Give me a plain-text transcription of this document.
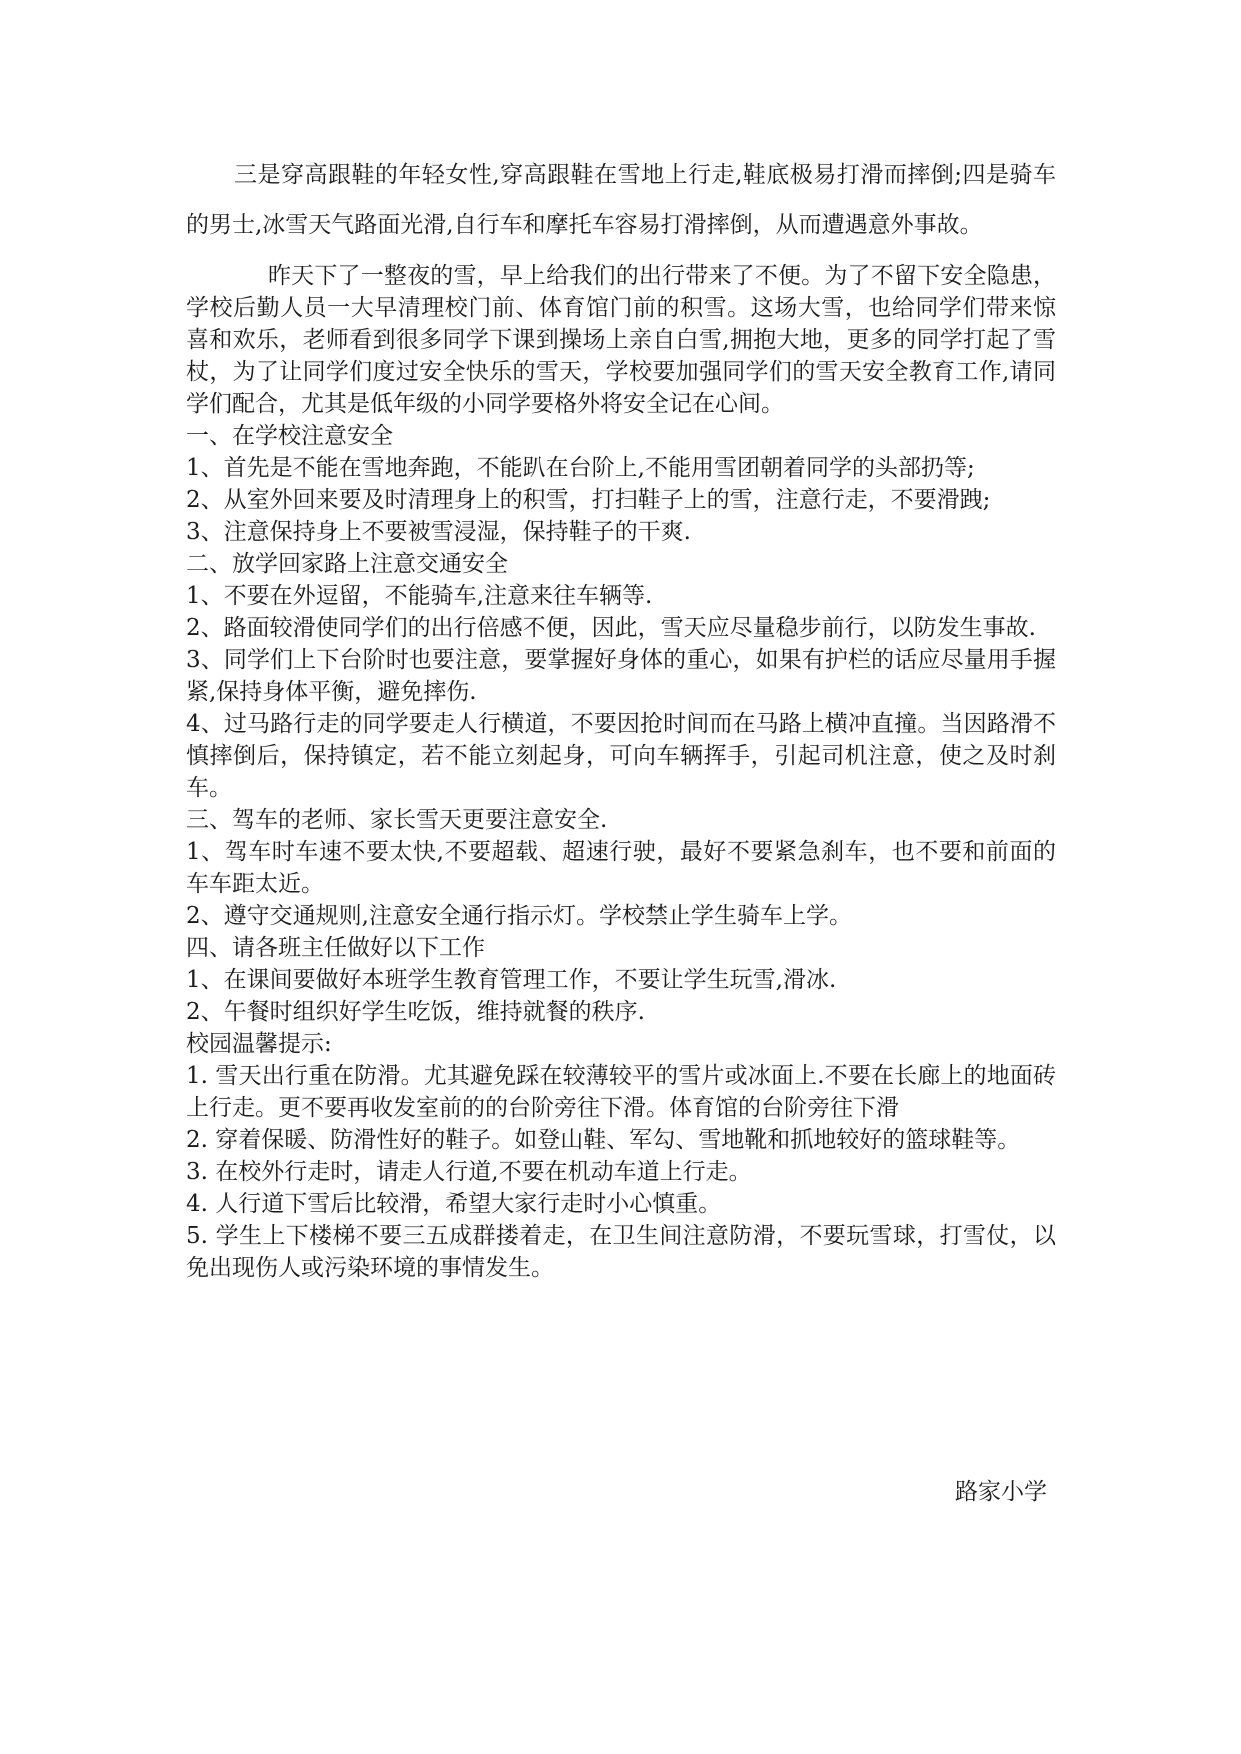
三是穿高跟鞋的年轻女性,穿高跟鞋在雪地上行走,鞋底极易打滑而摔倒;四是骑车的男士,冰雪天气路面光滑,自行车和摩托车容易打滑摔倒，从而遭遇意外事故。

昨天下了一整夜的雪，早上给我们的出行带来了不便。为了不留下安全隐患，学校后勤人员一大早清理校门前、体育馆门前的积雪。这场大雪，也给同学们带来惊喜和欢乐，老师看到很多同学下课到操场上亲自白雪,拥抱大地，更多的同学打起了雪杖，为了让同学们度过安全快乐的雪天，学校要加强同学们的雪天安全教育工作,请同学们配合，尤其是低年级的小同学要格外将安全记在心间。

一、在学校注意安全

1、首先是不能在雪地奔跑，不能趴在台阶上,不能用雪团朝着同学的头部扔等;

2、从室外回来要及时清理身上的积雪，打扫鞋子上的雪，注意行走，不要滑跩;

3、注意保持身上不要被雪浸湿，保持鞋子的干爽.

二、放学回家路上注意交通安全

1、不要在外逗留，不能骑车,注意来往车辆等.

2、路面较滑使同学们的出行倍感不便，因此，雪天应尽量稳步前行，以防发生事故.

3、同学们上下台阶时也要注意，要掌握好身体的重心，如果有护栏的话应尽量用手握紧,保持身体平衡，避免摔伤.

4、过马路行走的同学要走人行横道，不要因抢时间而在马路上横冲直撞。当因路滑不慎摔倒后，保持镇定，若不能立刻起身，可向车辆挥手，引起司机注意，使之及时刹车。

三、驾车的老师、家长雪天更要注意安全.

1、驾车时车速不要太快,不要超载、超速行驶，最好不要紧急刹车，也不要和前面的车车距太近。

2、遵守交通规则,注意安全通行指示灯。学校禁止学生骑车上学。

四、请各班主任做好以下工作

1、在课间要做好本班学生教育管理工作，不要让学生玩雪,滑冰.

2、午餐时组织好学生吃饭，维持就餐的秩序.

校园温馨提示:

1. 雪天出行重在防滑。尤其避免踩在较薄较平的雪片或冰面上.不要在长廊上的地面砖上行走。更不要再收发室前的的台阶旁往下滑。体育馆的台阶旁往下滑

2. 穿着保暖、防滑性好的鞋子。如登山鞋、军勾、雪地靴和抓地较好的篮球鞋等。

3. 在校外行走时，请走人行道,不要在机动车道上行走。

4. 人行道下雪后比较滑，希望大家行走时小心慎重。

5. 学生上下楼梯不要三五成群搂着走，在卫生间注意防滑，不要玩雪球，打雪仗，以免出现伤人或污染环境的事情发生。

路家小学
